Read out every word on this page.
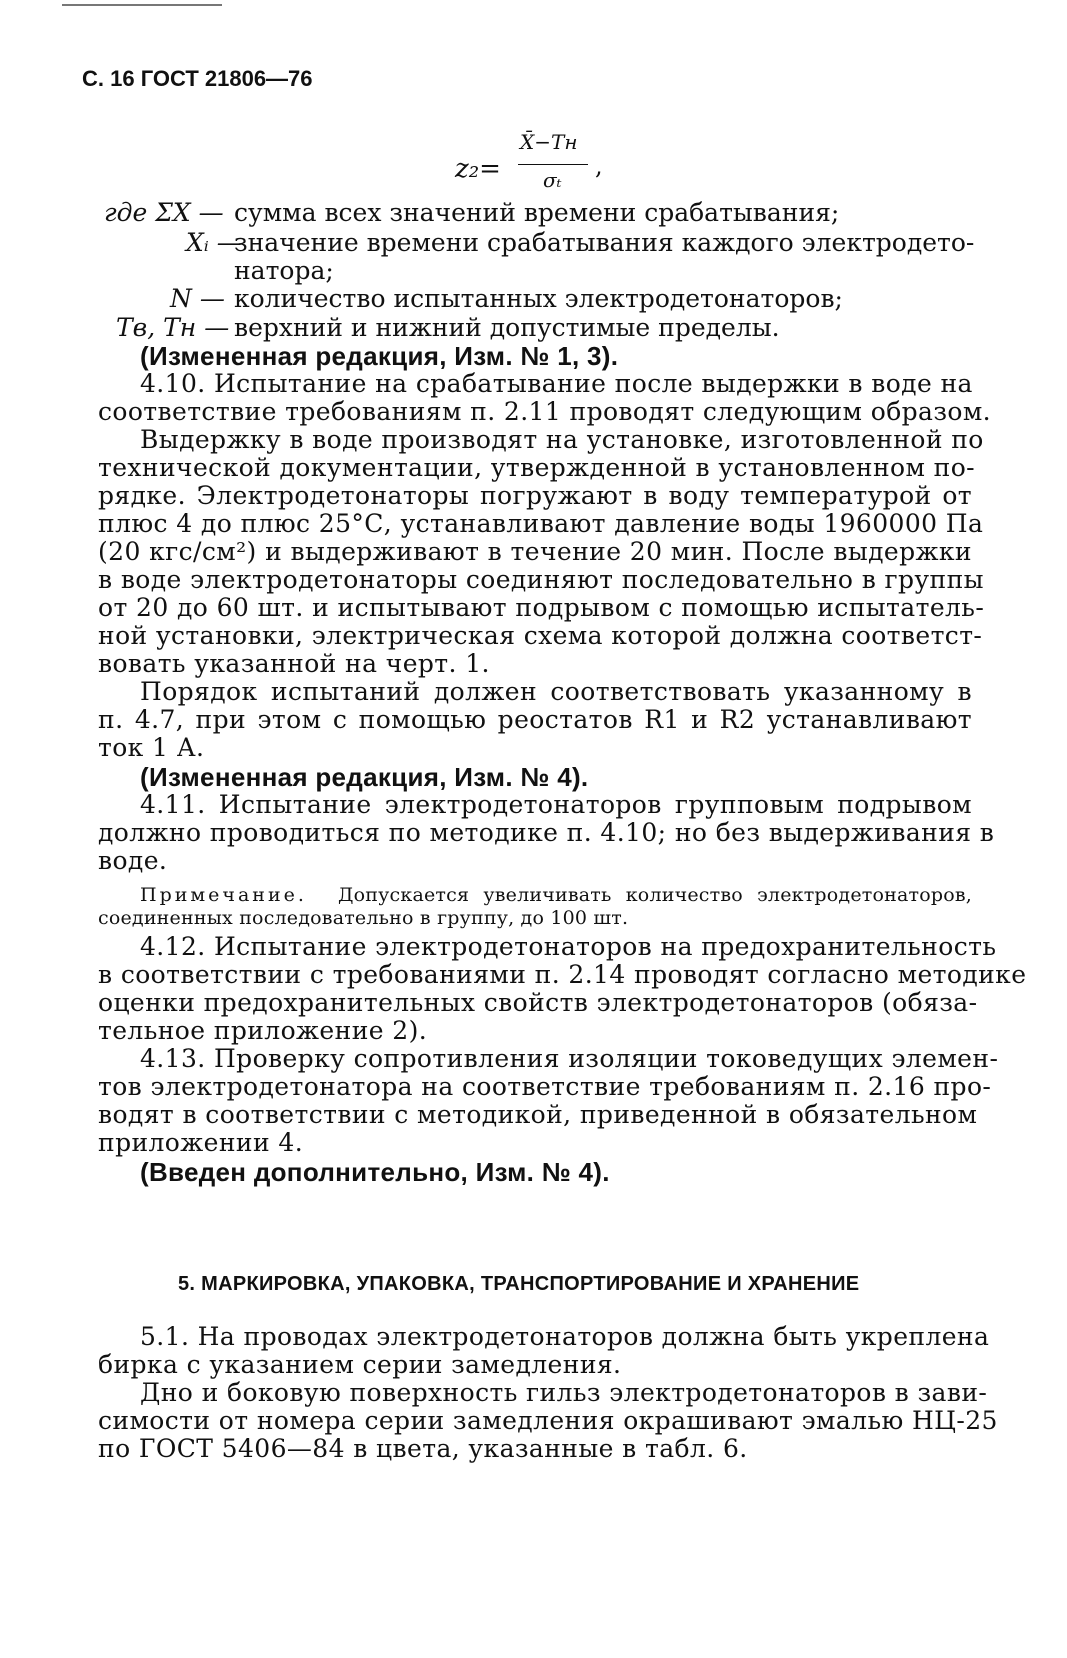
С. 16 ГОСТ 21806—76
z₂=
X̄−Tн
σₜ ,
где ΣX — сумма всех значений времени срабатывания;
Xᵢ —
значение времени срабатывания каждого электродето-
натора;
N — количество испытанных электродетонаторов;
Tв, Tн — верхний и нижний допустимые пределы.
(Измененная редакция, Изм. № 1, 3).
4.10. Испытание на срабатывание после выдержки в воде на
соответствие требованиям п. 2.11 проводят следующим образом.
Выдержку в воде производят на установке, изготовленной по
технической документации, утвержденной в установленном по-
рядке. Электродетонаторы погружают в воду температурой от
плюс 4 до плюс 25°С, устанавливают давление воды 1960000 Па
(20 кгс/см²) и выдерживают в течение 20 мин. После выдержки
в воде электродетонаторы соединяют последовательно в группы
от 20 до 60 шт. и испытывают подрывом с помощью испытатель-
ной установки, электрическая схема которой должна соответст-
вовать указанной на черт. 1.
Порядок испытаний должен соответствовать указанному в
п. 4.7, при этом с помощью реостатов R1 и R2 устанавливают
ток 1 А.
(Измененная редакция, Изм. № 4).
4.11. Испытание электродетонаторов групповым подрывом
должно проводиться по методике п. 4.10; но без выдерживания в
воде.
Примечание. Допускается увеличивать количество электродетонаторов,
соединенных последовательно в группу, до 100 шт.
4.12. Испытание электродетонаторов на предохранительность
в соответствии с требованиями п. 2.14 проводят согласно методике
оценки предохранительных свойств электродетонаторов (обяза-
тельное приложение 2).
4.13. Проверку сопротивления изоляции токоведущих элемен-
тов электродетонатора на соответствие требованиям п. 2.16 про-
водят в соответствии с методикой, приведенной в обязательном
приложении 4.
(Введен дополнительно, Изм. № 4).
5. МАРКИРОВКА, УПАКОВКА, ТРАНСПОРТИРОВАНИЕ И ХРАНЕНИЕ
5.1. На проводах электродетонаторов должна быть укреплена
бирка с указанием серии замедления.
Дно и боковую поверхность гильз электродетонаторов в зави-
симости от номера серии замедления окрашивают эмалью НЦ-25
по ГОСТ 5406—84 в цвета, указанные в табл. 6.
